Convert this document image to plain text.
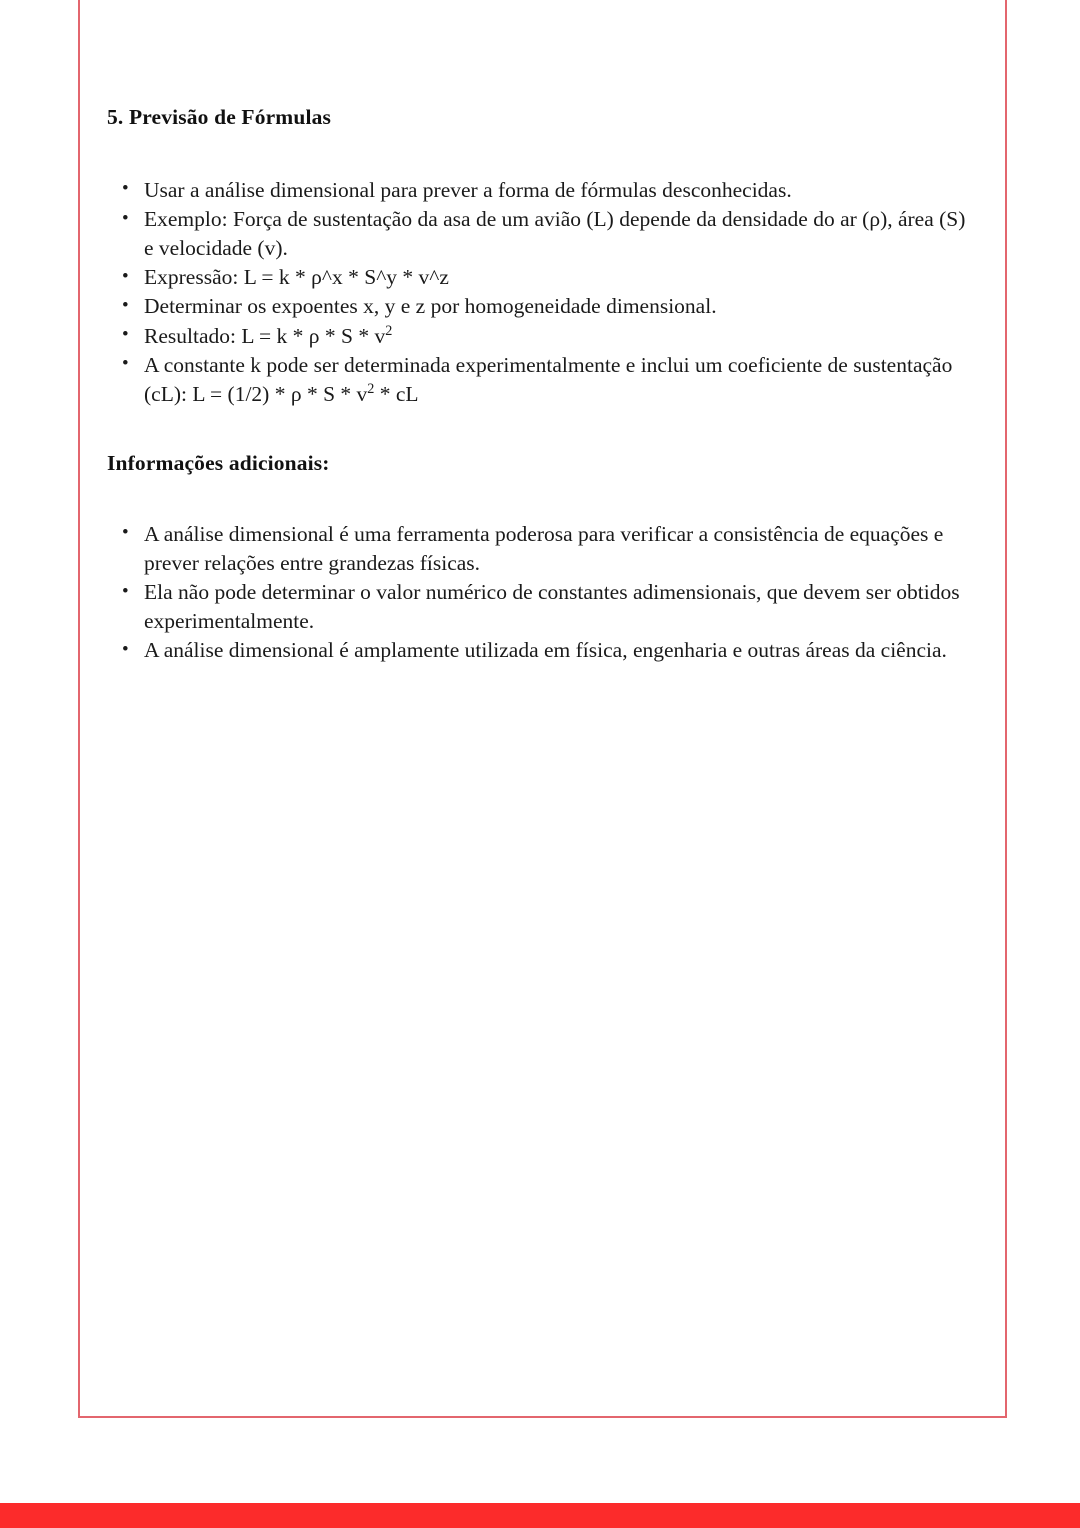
5. Previsão de Fórmulas
• Usar a análise dimensional para prever a forma de fórmulas desconhecidas.
• Exemplo: Força de sustentação da asa de um avião (L) depende da densidade do ar (ρ), área (S) e velocidade (v).
• Expressão: L = k * ρ^x * S^y * v^z
• Determinar os expoentes x, y e z por homogeneidade dimensional.
• Resultado: $L = k * \rho * S * v^2$
• A constante k pode ser determinada experimentalmente e inclui um coeficiente de sustentação (cL): $L = (1/2) * \rho * S * v^2$ * cL
Informações adicionais:
• A análise dimensional é uma ferramenta poderosa para verificar a consistência de equações e prever relações entre grandezas físicas.
• Ela não pode determinar o valor numérico de constantes adimensionais, que devem ser obtidos experimentalmente.
• A análise dimensional é amplamente utilizada em física, engenharia e outras áreas da ciência.
